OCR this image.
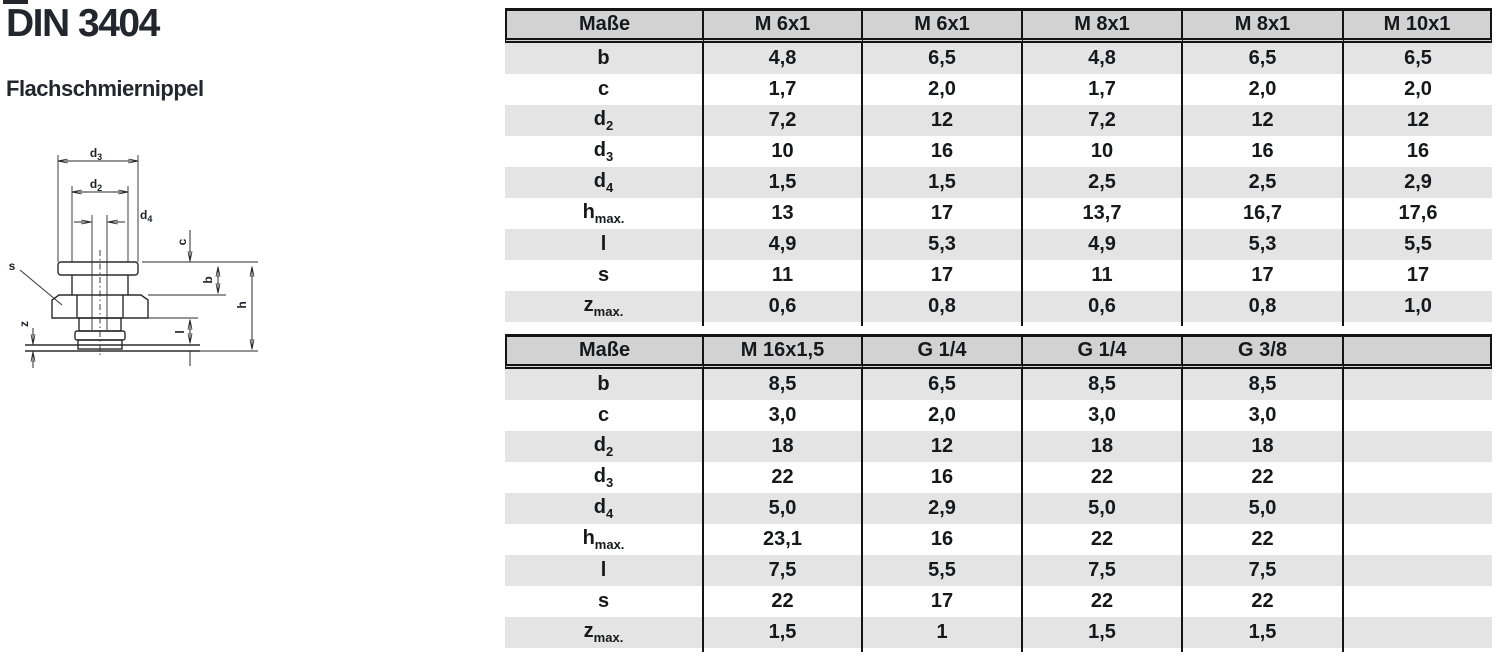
DIN 3404
Flachschmiernippel
$d_3$
$d_2$
$d_4$
c
b
h
l
s
z
Maße	M 6x1	M 6x1	M 8x1	M 8x1	M 10x1
b	4,8	6,5	4,8	6,5	6,5
c	1,7	2,0	1,7	2,0	2,0
$d_2$	7,2	12	7,2	12	12
$d_3$	10	16	10	16	16
$d_4$	1,5	1,5	2,5	2,5	2,9
$h_{max.}$	13	17	13,7	16,7	17,6
l	4,9	5,3	4,9	5,3	5,5
s	11	17	11	17	17
$z_{max.}$	0,6	0,8	0,6	0,8	1,0

Maße	M 16x1,5	G 1/4	G 1/4	G 3/8	
b	8,5	6,5	8,5	8,5	
c	3,0	2,0	3,0	3,0	
$d_2$	18	12	18	18	
$d_3$	22	16	22	22	
$d_4$	5,0	2,9	5,0	5,0	
$h_{max.}$	23,1	16	22	22	
l	7,5	5,5	7,5	7,5	
s	22	17	22	22	
$z_{max.}$	1,5	1	1,5	1,5	
